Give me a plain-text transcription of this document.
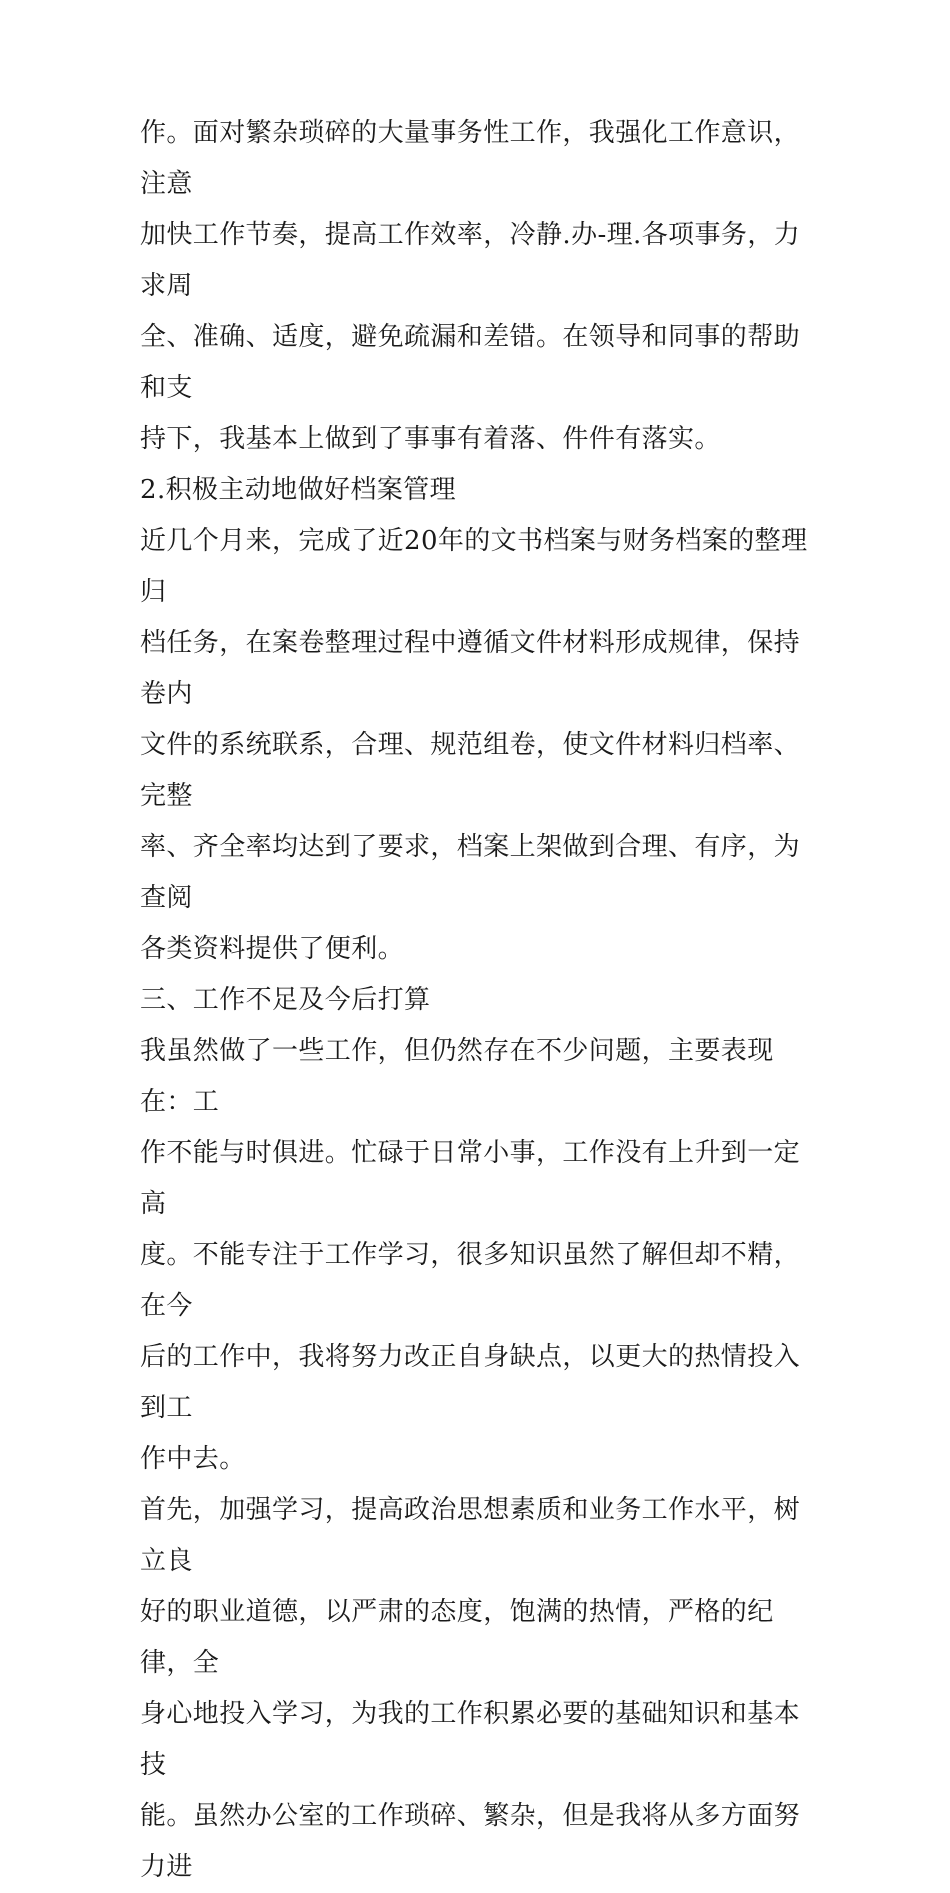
作。面对繁杂琐碎的大量事务性工作，我强化工作意识，注意
加快工作节奏，提高工作效率，冷静.办-理.各项事务，力求周
全、准确、适度，避免疏漏和差错。在领导和同事的帮助和支
持下，我基本上做到了事事有着落、件件有落实。

2.积极主动地做好档案管理

近几个月来，完成了近20年的文书档案与财务档案的整理归
档任务，在案卷整理过程中遵循文件材料形成规律，保持卷内
文件的系统联系，合理、规范组卷，使文件材料归档率、完整
率、齐全率均达到了要求，档案上架做到合理、有序，为查阅
各类资料提供了便利。

三、工作不足及今后打算

我虽然做了一些工作，但仍然存在不少问题，主要表现在：工
作不能与时俱进。忙碌于日常小事，工作没有上升到一定高
度。不能专注于工作学习，很多知识虽然了解但却不精，在今
后的工作中，我将努力改正自身缺点，以更大的热情投入到工
作中去。

首先，加强学习，提高政治思想素质和业务工作水平，树立良
好的职业道德，以严肃的态度，饱满的热情，严格的纪律，全
身心地投入学习，为我的工作积累必要的基础知识和基本技
能。虽然办公室的工作琐碎、繁杂，但是我将从多方面努力进
